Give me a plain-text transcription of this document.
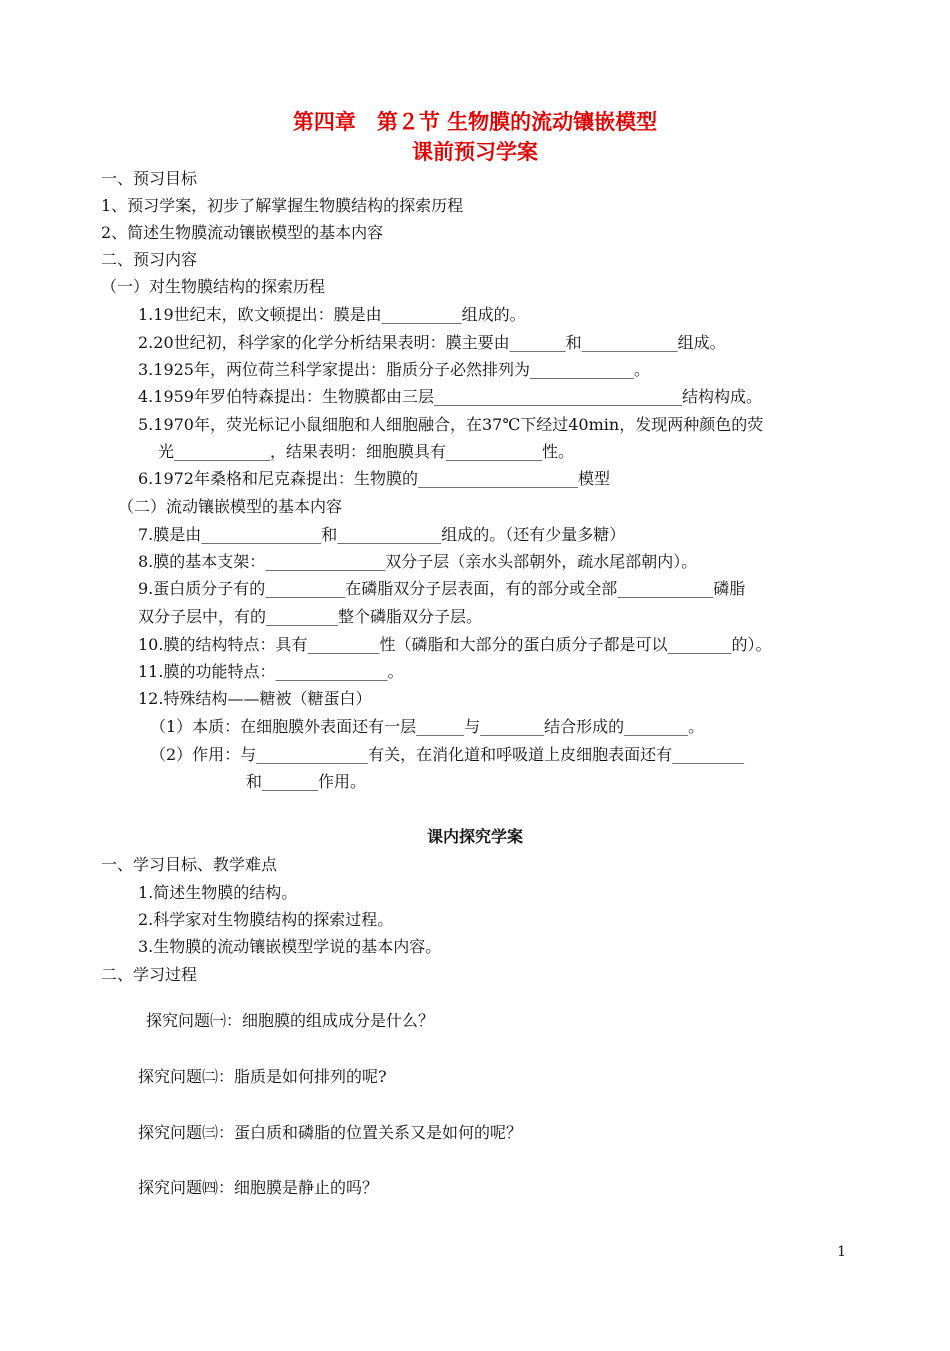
第四章　第２节 生物膜的流动镶嵌模型
课前预习学案
一、预习目标
1、预习学案，初步了解掌握生物膜结构的探索历程
2、简述生物膜流动镶嵌模型的基本内容
二、预习内容
（一）对生物膜结构的探索历程
1.19世纪末，欧文顿提出：膜是由__________组成的。
2.20世纪初，科学家的化学分析结果表明：膜主要由_______和____________组成。
3.1925年，两位荷兰科学家提出：脂质分子必然排列为_____________。
4.1959年罗伯特森提出：生物膜都由三层_______________________________结构构成。
5.1970年，荧光标记小鼠细胞和人细胞融合，在37℃下经过40min，发现两种颜色的荧
光____________，结果表明：细胞膜具有____________性。
6.1972年桑格和尼克森提出：生物膜的____________________模型
（二）流动镶嵌模型的基本内容
7.膜是由_______________和_____________组成的。（还有少量多糖）
8.膜的基本支架：_______________双分子层（亲水头部朝外，疏水尾部朝内）。
9.蛋白质分子有的__________在磷脂双分子层表面，有的部分或全部____________磷脂
双分子层中，有的_________整个磷脂双分子层。
10.膜的结构特点：具有_________性（磷脂和大部分的蛋白质分子都是可以________的）。
11.膜的功能特点：______________。
12.特殊结构——糖被（糖蛋白）
（1）本质：在细胞膜外表面还有一层______与________结合形成的________。
（2）作用：与______________有关，在消化道和呼吸道上皮细胞表面还有_________
和_______作用。
课内探究学案
一、学习目标、教学难点
1.简述生物膜的结构。
2.科学家对生物膜结构的探索过程。
3.生物膜的流动镶嵌模型学说的基本内容。
二、学习过程
探究问题㈠：细胞膜的组成成分是什么？
探究问题㈡：脂质是如何排列的呢?
探究问题㈢：蛋白质和磷脂的位置关系又是如何的呢？
探究问题㈣：细胞膜是静止的吗？
1
